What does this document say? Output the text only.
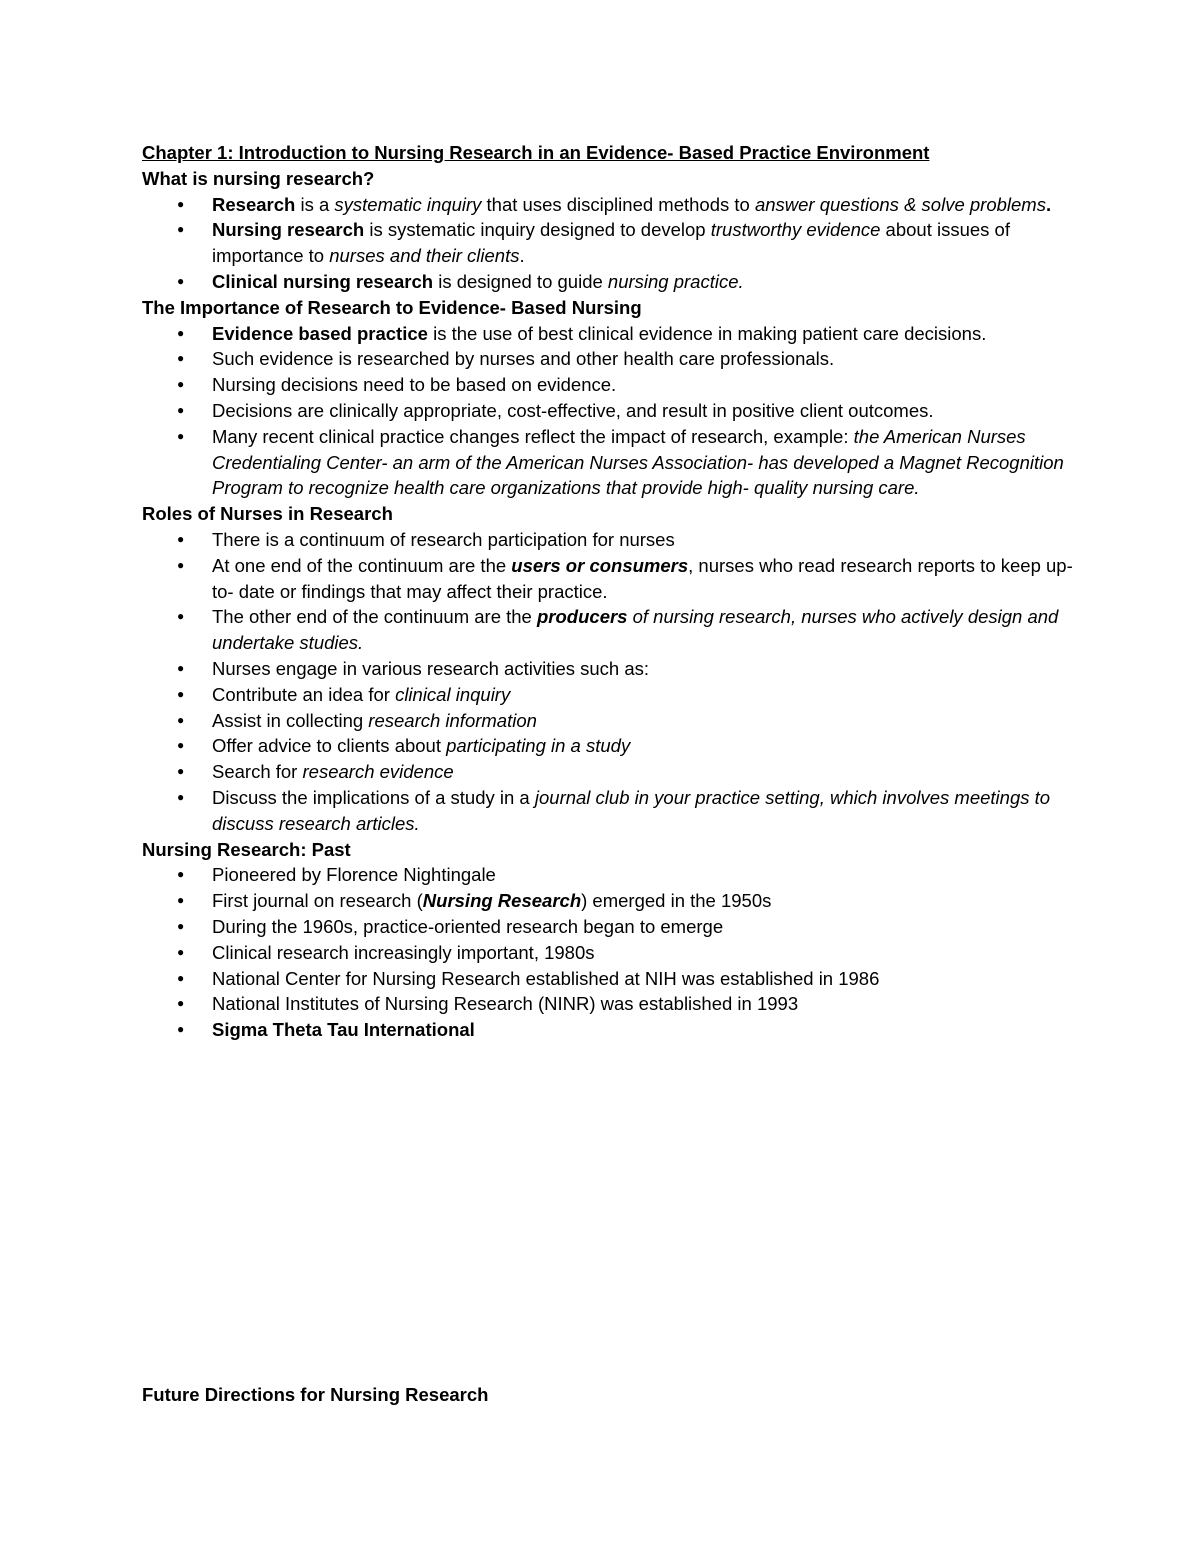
Chapter 1: Introduction to Nursing Research in an Evidence- Based Practice Environment

What is nursing research?

● Research is a systematic inquiry that uses disciplined methods to answer questions & solve problems.
● Nursing research is systematic inquiry designed to develop trustworthy evidence about issues of importance to nurses and their clients.
● Clinical nursing research is designed to guide nursing practice.

The Importance of Research to Evidence- Based Nursing

● Evidence based practice is the use of best clinical evidence in making patient care decisions.
● Such evidence is researched by nurses and other health care professionals.
● Nursing decisions need to be based on evidence.
● Decisions are clinically appropriate, cost-effective, and result in positive client outcomes.
● Many recent clinical practice changes reflect the impact of research, example: the American Nurses Credentialing Center- an arm of the American Nurses Association- has developed a Magnet Recognition Program to recognize health care organizations that provide high- quality nursing care.

Roles of Nurses in Research

● There is a continuum of research participation for nurses
● At one end of the continuum are the users or consumers, nurses who read research reports to keep up- to- date or findings that may affect their practice.
● The other end of the continuum are the producers of nursing research, nurses who actively design and undertake studies.
● Nurses engage in various research activities such as:
● Contribute an idea for clinical inquiry
● Assist in collecting research information
● Offer advice to clients about participating in a study
● Search for research evidence
● Discuss the implications of a study in a journal club in your practice setting, which involves meetings to discuss research articles.

Nursing Research: Past

● Pioneered by Florence Nightingale
● First journal on research (Nursing Research) emerged in the 1950s
● During the 1960s, practice-oriented research began to emerge
● Clinical research increasingly important, 1980s
● National Center for Nursing Research established at NIH was established in 1986
● National Institutes of Nursing Research (NINR) was established in 1993
● Sigma Theta Tau International
Future Directions for Nursing Research
